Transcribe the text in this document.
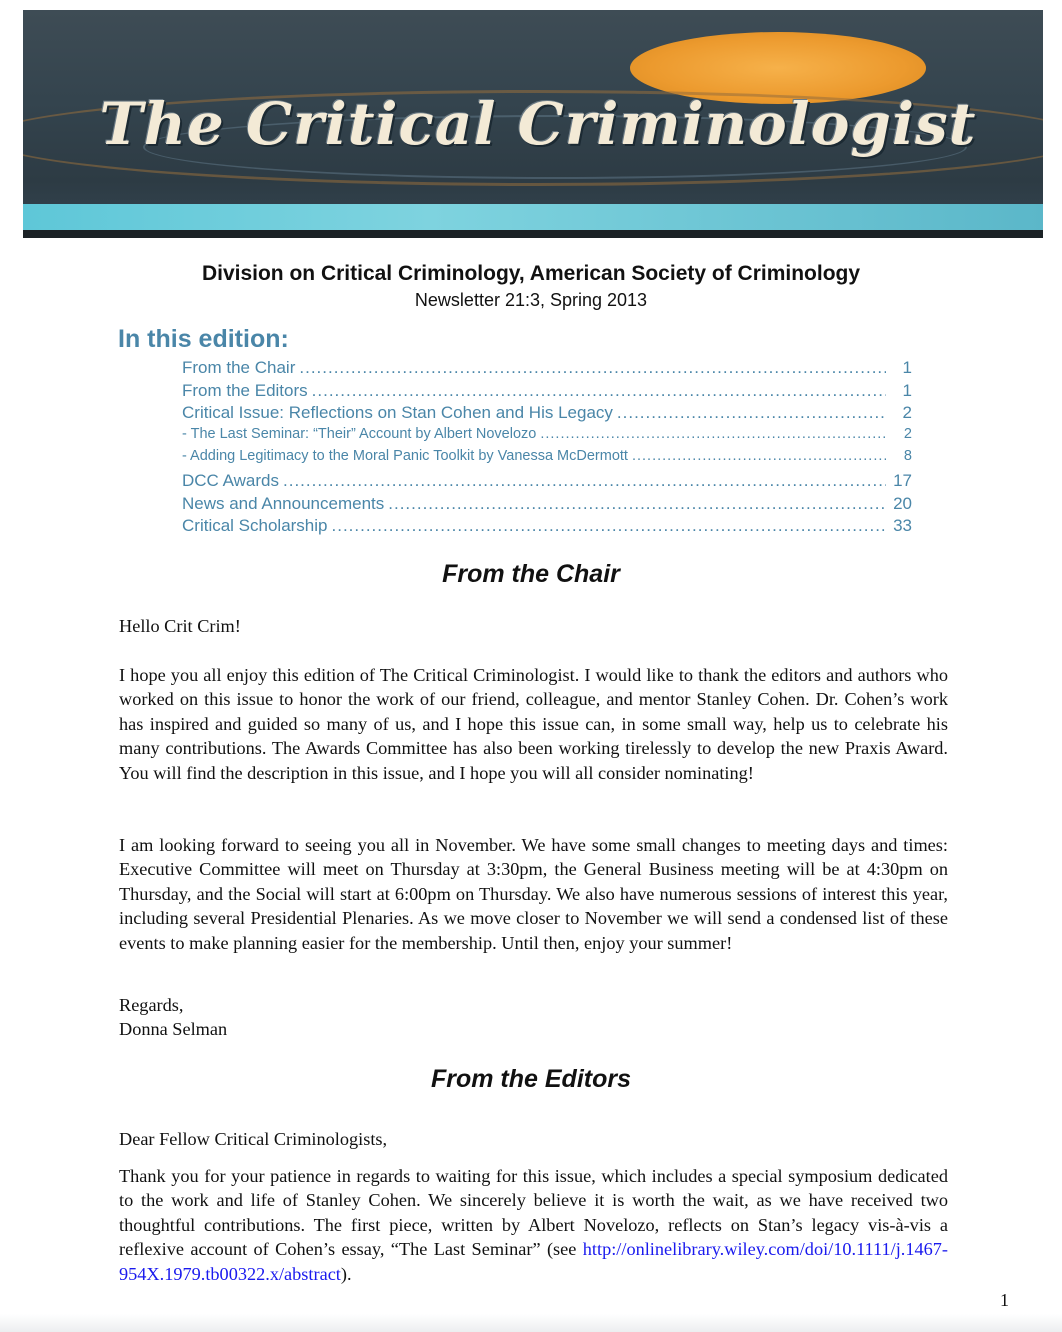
The Critical Criminologist
Division on Critical Criminology, American Society of Criminology
Newsletter 21:3, Spring 2013
In this edition:
From the Chair .....	1
From the Editors .....	1
Critical Issue: Reflections on Stan Cohen and His Legacy .....	2
- The Last Seminar: “Their” Account by Albert Novelozo .....	2
- Adding Legitimacy to the Moral Panic Toolkit by Vanessa McDermott .....	8
DCC Awards .....	17
News and Announcements .....	20
Critical Scholarship .....	33
From the Chair

Hello Crit Crim!

I hope you all enjoy this edition of The Critical Criminologist. I would like to thank the editors and authors who worked on this issue to honor the work of our friend, colleague, and mentor Stanley Cohen. Dr. Cohen’s work has inspired and guided so many of us, and I hope this issue can, in some small way, help us to celebrate his many contributions. The Awards Committee has also been working tirelessly to develop the new Praxis Award. You will find the description in this issue, and I hope you will all consider nominating!

I am looking forward to seeing you all in November. We have some small changes to meeting days and times: Executive Committee will meet on Thursday at 3:30pm, the General Business meeting will be at 4:30pm on Thursday, and the Social will start at 6:00pm on Thursday. We also have numerous sessions of interest this year, including several Presidential Plenaries. As we move closer to November we will send a condensed list of these events to make planning easier for the membership. Until then, enjoy your summer!

Regards,

Donna Selman

From the Editors

Dear Fellow Critical Criminologists,

Thank you for your patience in regards to waiting for this issue, which includes a special symposium dedicated to the work and life of Stanley Cohen. We sincerely believe it is worth the wait, as we have received two thoughtful contributions. The first piece, written by Albert Novelozo, reflects on Stan’s legacy vis-à-vis a reflexive account of Cohen’s essay, “The Last Seminar” (see http://onlinelibrary.wiley.com/doi/10.1111/j.1467-954X.1979.tb00322.x/abstract).

1
